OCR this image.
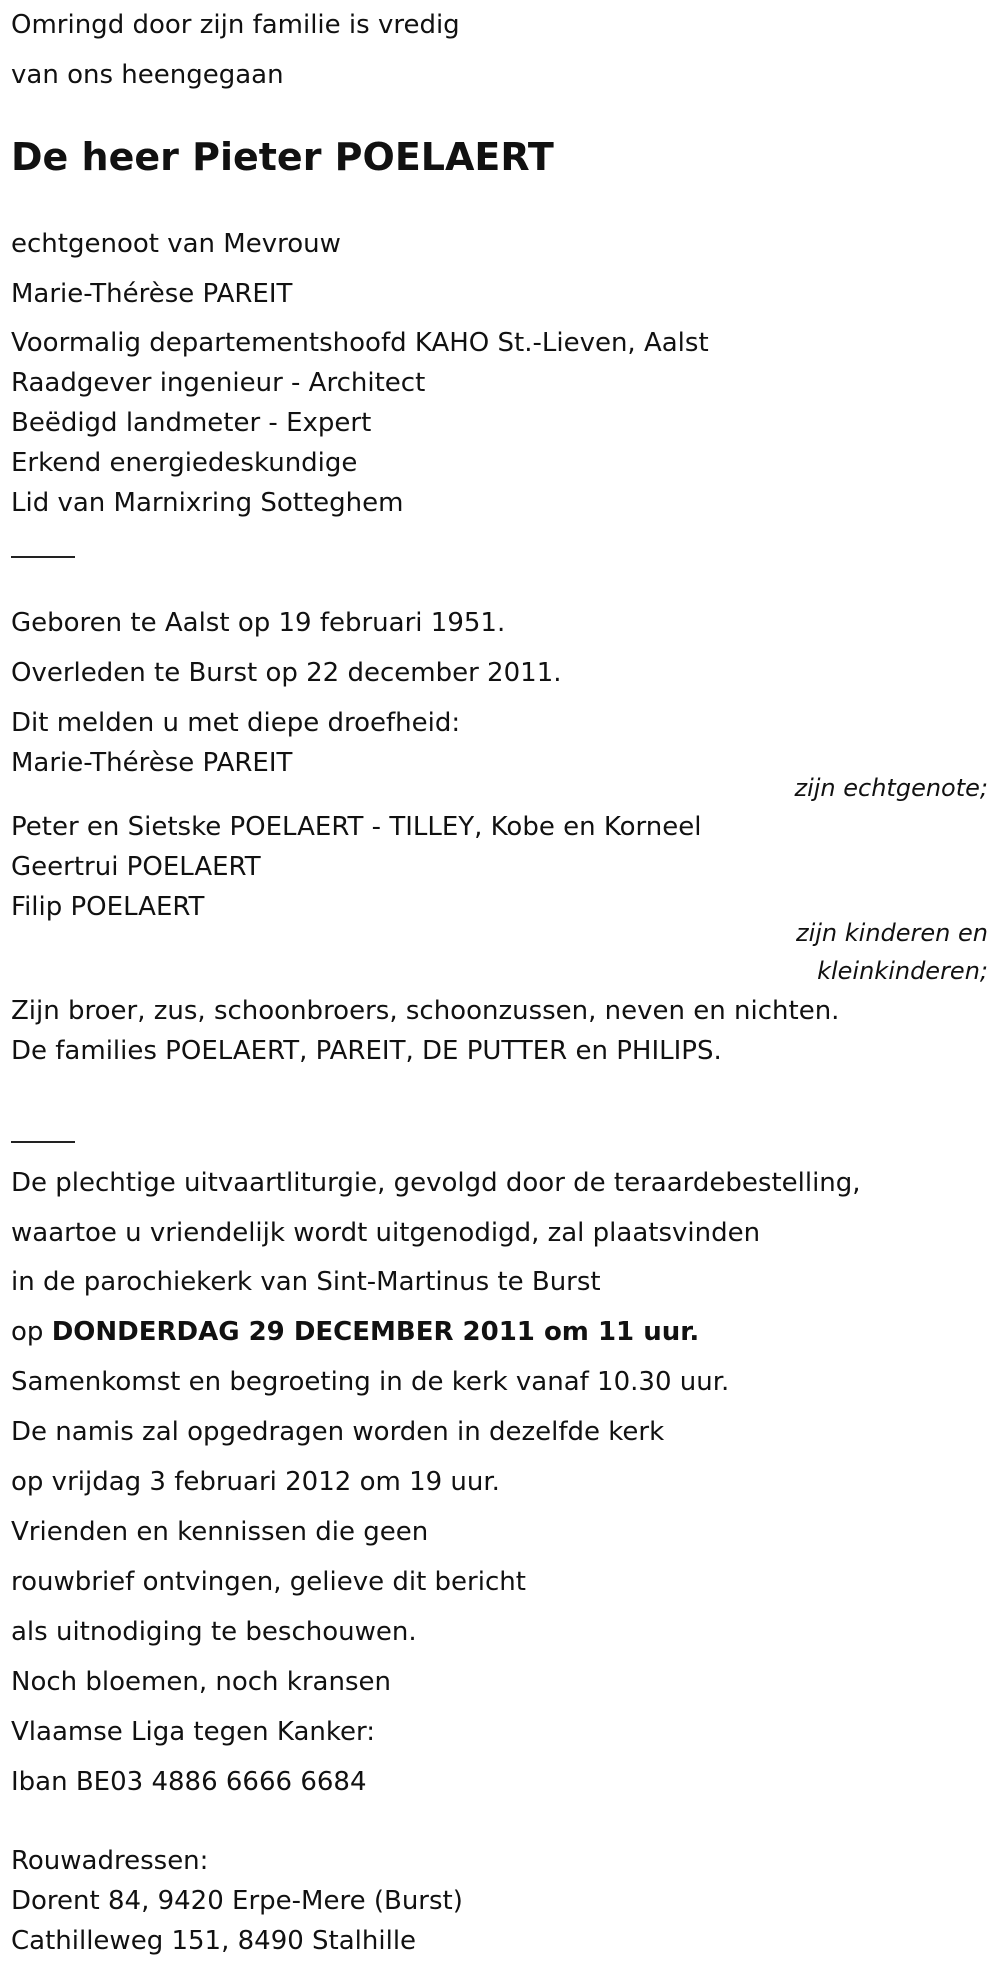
Omringd door zijn familie is vredig
van ons heengegaan
De heer Pieter POELAERT
echtgenoot van Mevrouw
Marie-Thérèse PAREIT
Voormalig departementshoofd KAHO St.-Lieven, Aalst
Raadgever ingenieur - Architect
Beëdigd landmeter - Expert
Erkend energiedeskundige
Lid van Marnixring Sotteghem
Geboren te Aalst op 19 februari 1951.
Overleden te Burst op 22 december 2011.
Dit melden u met diepe droefheid:
Marie-Thérèse PAREIT
zijn echtgenote;
Peter en Sietske POELAERT - TILLEY, Kobe en Korneel
Geertrui POELAERT
Filip POELAERT
zijn kinderen en
kleinkinderen;
Zijn broer, zus, schoonbroers, schoonzussen, neven en nichten.
De families POELAERT, PAREIT, DE PUTTER en PHILIPS.
De plechtige uitvaartliturgie, gevolgd door de teraardebestelling,
waartoe u vriendelijk wordt uitgenodigd, zal plaatsvinden
in de parochiekerk van Sint-Martinus te Burst
op DONDERDAG 29 DECEMBER 2011 om 11 uur.
Samenkomst en begroeting in de kerk vanaf 10.30 uur.
De namis zal opgedragen worden in dezelfde kerk
op vrijdag 3 februari 2012 om 19 uur.
Vrienden en kennissen die geen
rouwbrief ontvingen, gelieve dit bericht
als uitnodiging te beschouwen.
Noch bloemen, noch kransen
Vlaamse Liga tegen Kanker:
Iban BE03 4886 6666 6684
Rouwadressen:
Dorent 84, 9420 Erpe-Mere (Burst)
Cathilleweg 151, 8490 Stalhille
